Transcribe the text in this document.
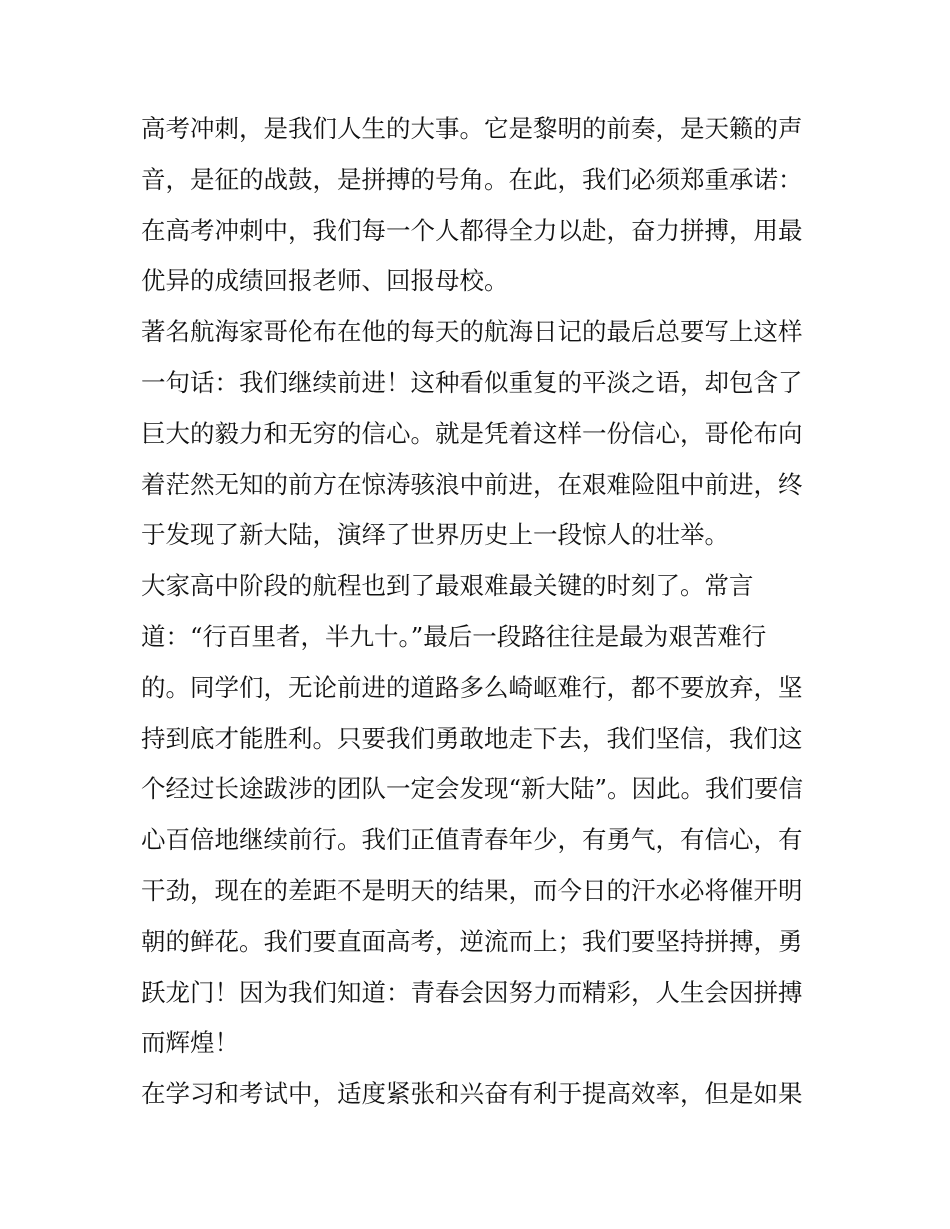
高考冲刺，是我们人生的大事。它是黎明的前奏，是天籁的声
音，是征的战鼓，是拼搏的号角。在此，我们必须郑重承诺：
在高考冲刺中，我们每一个人都得全力以赴，奋力拼搏，用最
优异的成绩回报老师、回报母校。
著名航海家哥伦布在他的每天的航海日记的最后总要写上这样
一句话：我们继续前进！这种看似重复的平淡之语，却包含了
巨大的毅力和无穷的信心。就是凭着这样一份信心，哥伦布向
着茫然无知的前方在惊涛骇浪中前进，在艰难险阻中前进，终
于发现了新大陆，演绎了世界历史上一段惊人的壮举。
大家高中阶段的航程也到了最艰难最关键的时刻了。常言
道：“行百里者，半九十。”最后一段路往往是最为艰苦难行
的。同学们，无论前进的道路多么崎岖难行，都不要放弃，坚
持到底才能胜利。只要我们勇敢地走下去，我们坚信，我们这
个经过长途跋涉的团队一定会发现“新大陆”。因此。我们要信
心百倍地继续前行。我们正值青春年少，有勇气，有信心，有
干劲，现在的差距不是明天的结果，而今日的汗水必将催开明
朝的鲜花。我们要直面高考，逆流而上；我们要坚持拼搏，勇
跃龙门！因为我们知道：青春会因努力而精彩，人生会因拼搏
而辉煌！
在学习和考试中，适度紧张和兴奋有利于提高效率，但是如果
